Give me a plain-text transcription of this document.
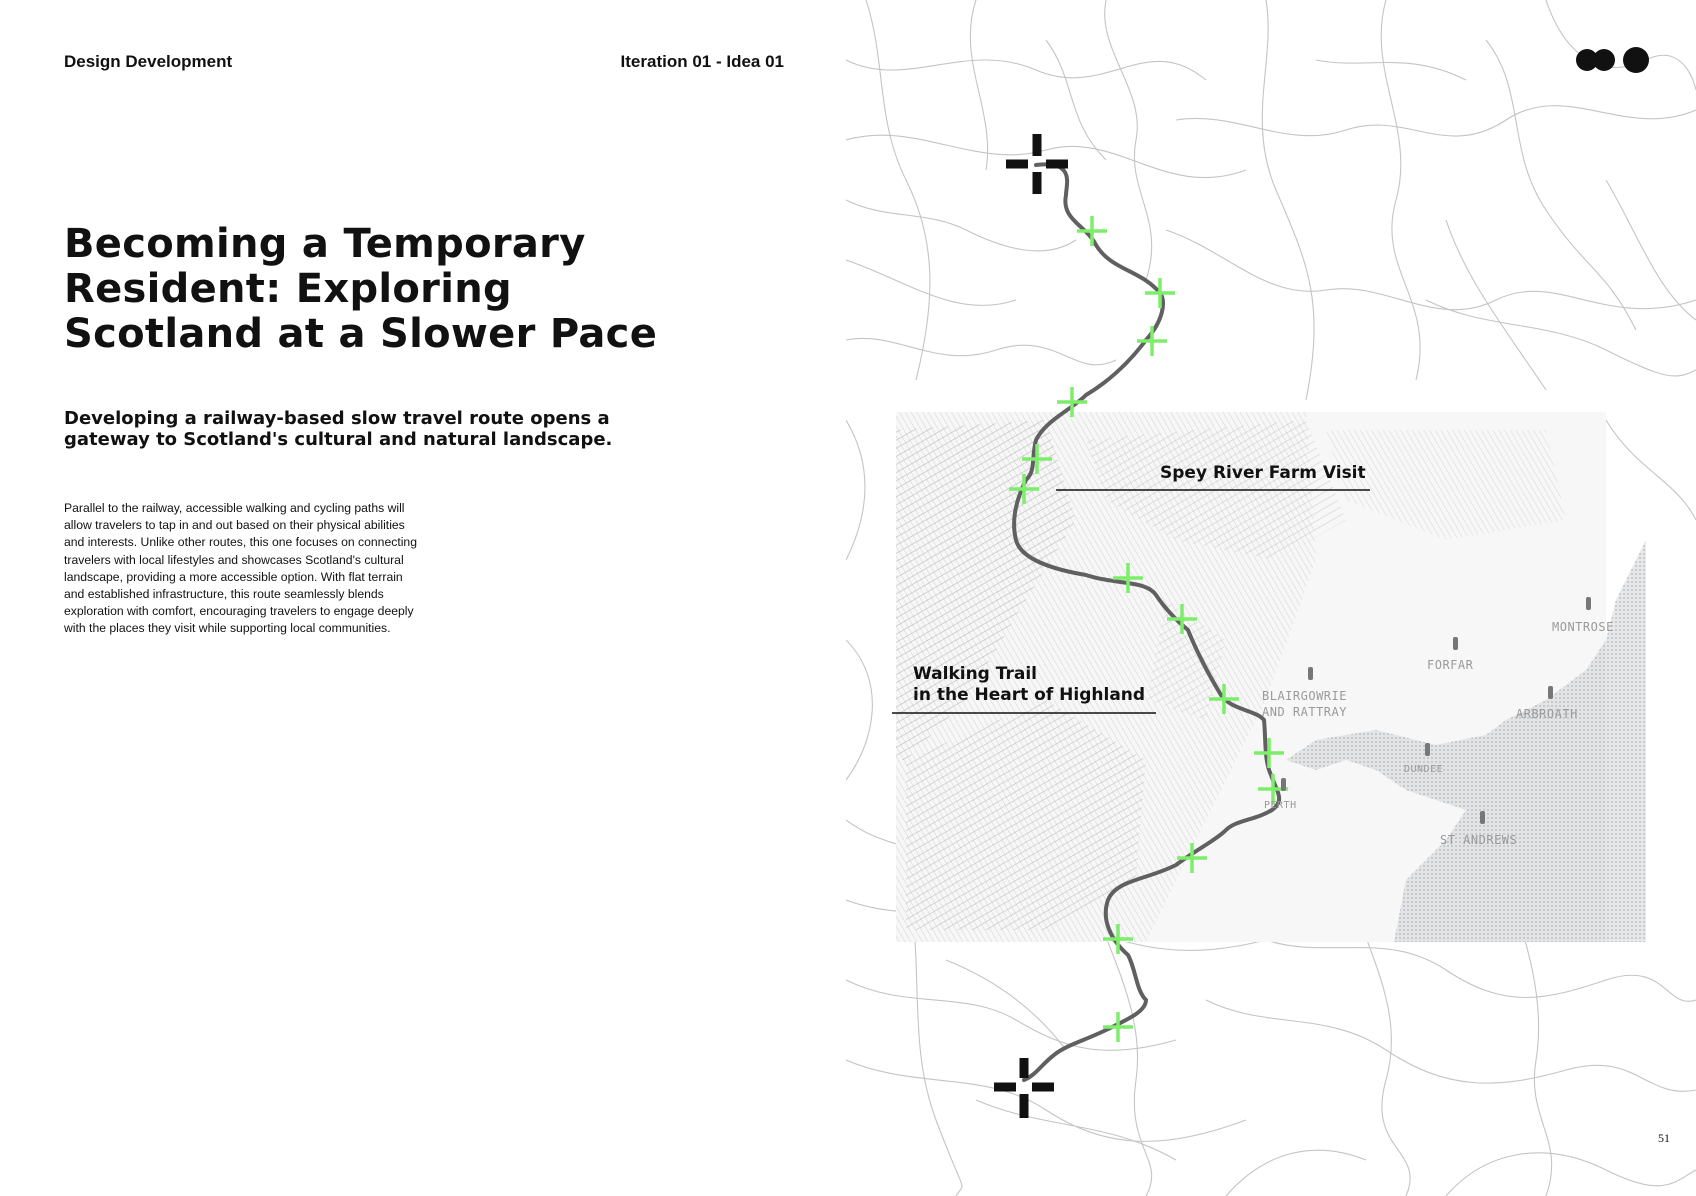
Design Development	Iteration 01 - Idea 01
Becoming a Temporary Resident: Exploring Scotland at a Slower Pace
Developing a railway-based slow travel route opens a gateway to Scotland's cultural and natural landscape.

Parallel to the railway, accessible walking and cycling paths will allow travelers to tap in and out based on their physical abilities and interests. Unlike other routes, this one focuses on connecting travelers with local lifestyles and showcases Scotland's cultural landscape, providing a more accessible option. With flat terrain and established infrastructure, this route seamlessly blends exploration with comfort, encouraging travelers to engage deeply with the places they visit while supporting local communities.

Spey River Farm Visit
Walking Trail
in the Heart of Highland
MONTROSE
FORFAR
BLAIRGOWRIE
AND RATTRAY	ARBROATH
DUNDEE
PERTH
ST ANDREWS
51
